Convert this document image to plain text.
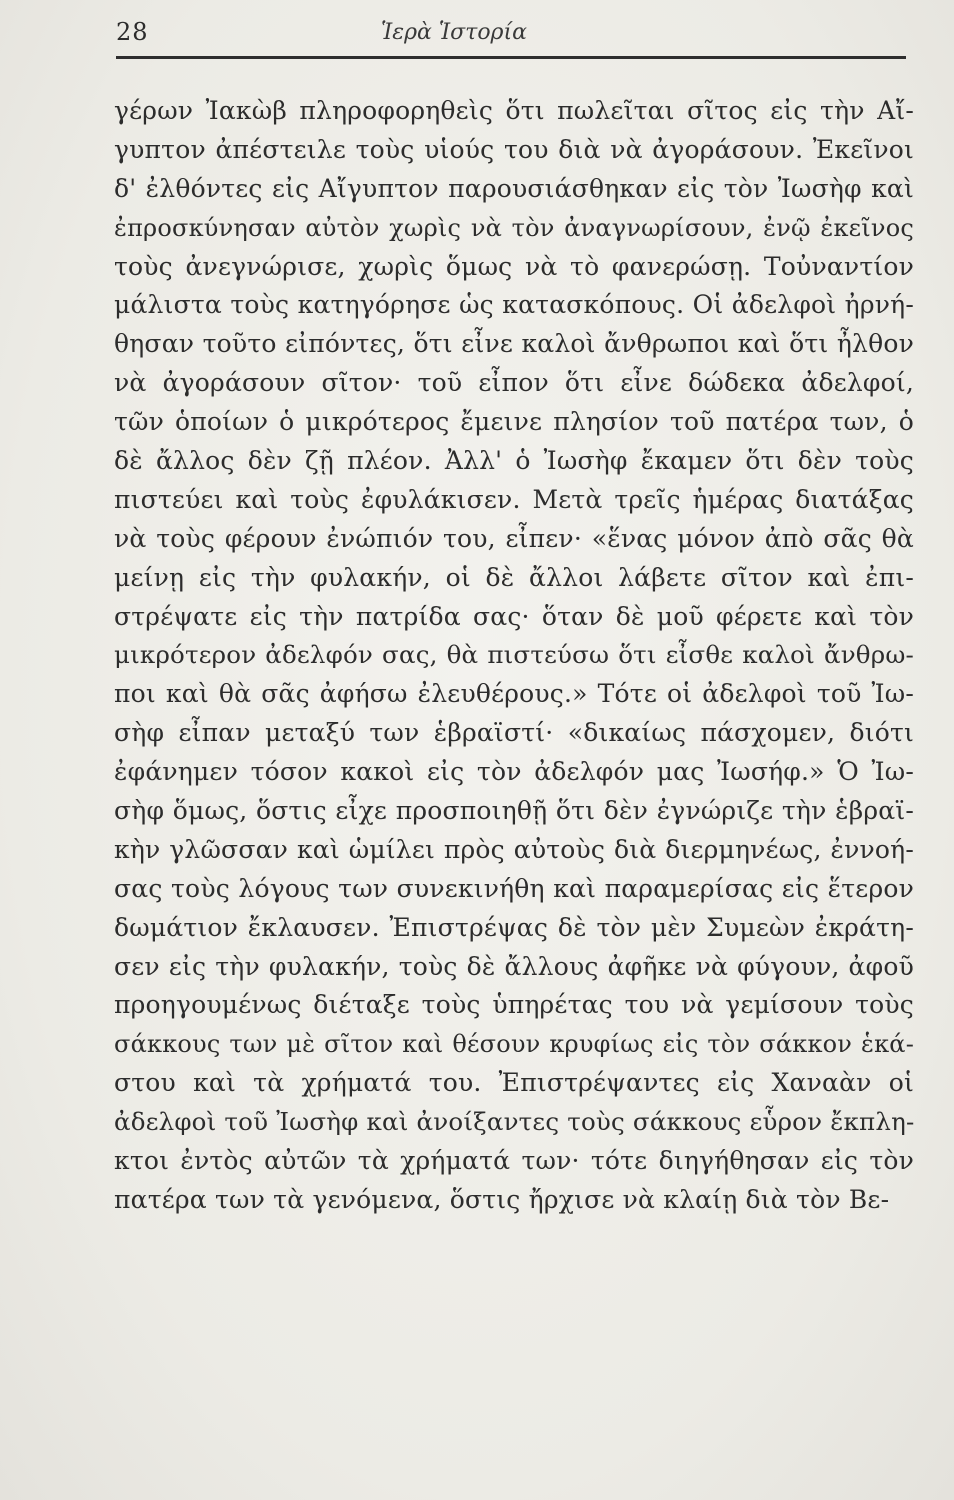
28	Ἱερὰ Ἱστορία
γέρων Ἰακὼβ πληροφορηθεὶς ὅτι πωλεῖται σῖτος εἰς τὴν Αἴ-
γυπτον ἀπέστειλε τοὺς υἱούς του διὰ νὰ ἀγοράσουν. Ἐκεῖνοι
δ' ἐλθόντες εἰς Αἴγυπτον παρουσιάσθηκαν εἰς τὸν Ἰωσὴφ καὶ
ἐπροσκύνησαν αὐτὸν χωρὶς νὰ τὸν ἀναγνωρίσουν, ἐνῷ ἐκεῖνος
τοὺς ἀνεγνώρισε, χωρὶς ὅμως νὰ τὸ φανερώσῃ. Τοὐναντίον
μάλιστα τοὺς κατηγόρησε ὡς κατασκόπους. Οἱ ἀδελφοὶ ἠρνή-
θησαν τοῦτο εἰπόντες, ὅτι εἶνε καλοὶ ἄνθρωποι καὶ ὅτι ἦλθον
νὰ ἀγοράσουν σῖτον· τοῦ εἶπον ὅτι εἶνε δώδεκα ἀδελφοί,
τῶν ὁποίων ὁ μικρότερος ἔμεινε πλησίον τοῦ πατέρα των, ὁ
δὲ ἄλλος δὲν ζῇ πλέον. Ἀλλ' ὁ Ἰωσὴφ ἔκαμεν ὅτι δὲν τοὺς
πιστεύει καὶ τοὺς ἐφυλάκισεν. Μετὰ τρεῖς ἡμέρας διατάξας
νὰ τοὺς φέρουν ἐνώπιόν του, εἶπεν· «ἕνας μόνον ἀπὸ σᾶς θὰ
μείνῃ εἰς τὴν φυλακήν, οἱ δὲ ἄλλοι λάβετε σῖτον καὶ ἐπι-
στρέψατε εἰς τὴν πατρίδα σας· ὅταν δὲ μοῦ φέρετε καὶ τὸν
μικρότερον ἀδελφόν σας, θὰ πιστεύσω ὅτι εἶσθε καλοὶ ἄνθρω-
ποι καὶ θὰ σᾶς ἀφήσω ἐλευθέρους.» Τότε οἱ ἀδελφοὶ τοῦ Ἰω-
σὴφ εἶπαν μεταξύ των ἑβραϊστί· «δικαίως πάσχομεν, διότι
ἐφάνημεν τόσον κακοὶ εἰς τὸν ἀδελφόν μας Ἰωσήφ.» Ὁ Ἰω-
σὴφ ὅμως, ὅστις εἶχε προσποιηθῇ ὅτι δὲν ἐγνώριζε τὴν ἑβραϊ-
κὴν γλῶσσαν καὶ ὡμίλει πρὸς αὐτοὺς διὰ διερμηνέως, ἐννοή-
σας τοὺς λόγους των συνεκινήθη καὶ παραμερίσας εἰς ἕτερον
δωμάτιον ἔκλαυσεν. Ἐπιστρέψας δὲ τὸν μὲν Συμεὼν ἐκράτη-
σεν εἰς τὴν φυλακήν, τοὺς δὲ ἄλλους ἀφῆκε νὰ φύγουν, ἀφοῦ
προηγουμένως διέταξε τοὺς ὑπηρέτας του νὰ γεμίσουν τοὺς
σάκκους των μὲ σῖτον καὶ θέσουν κρυφίως εἰς τὸν σάκκον ἑκά-
στου καὶ τὰ χρήματά του. Ἐπιστρέψαντες εἰς Χαναὰν οἱ
ἀδελφοὶ τοῦ Ἰωσὴφ καὶ ἀνοίξαντες τοὺς σάκκους εὗρον ἔκπλη-
κτοι ἐντὸς αὐτῶν τὰ χρήματά των· τότε διηγήθησαν εἰς τὸν
πατέρα των τὰ γενόμενα, ὅστις ἤρχισε νὰ κλαίῃ διὰ τὸν Βε-
